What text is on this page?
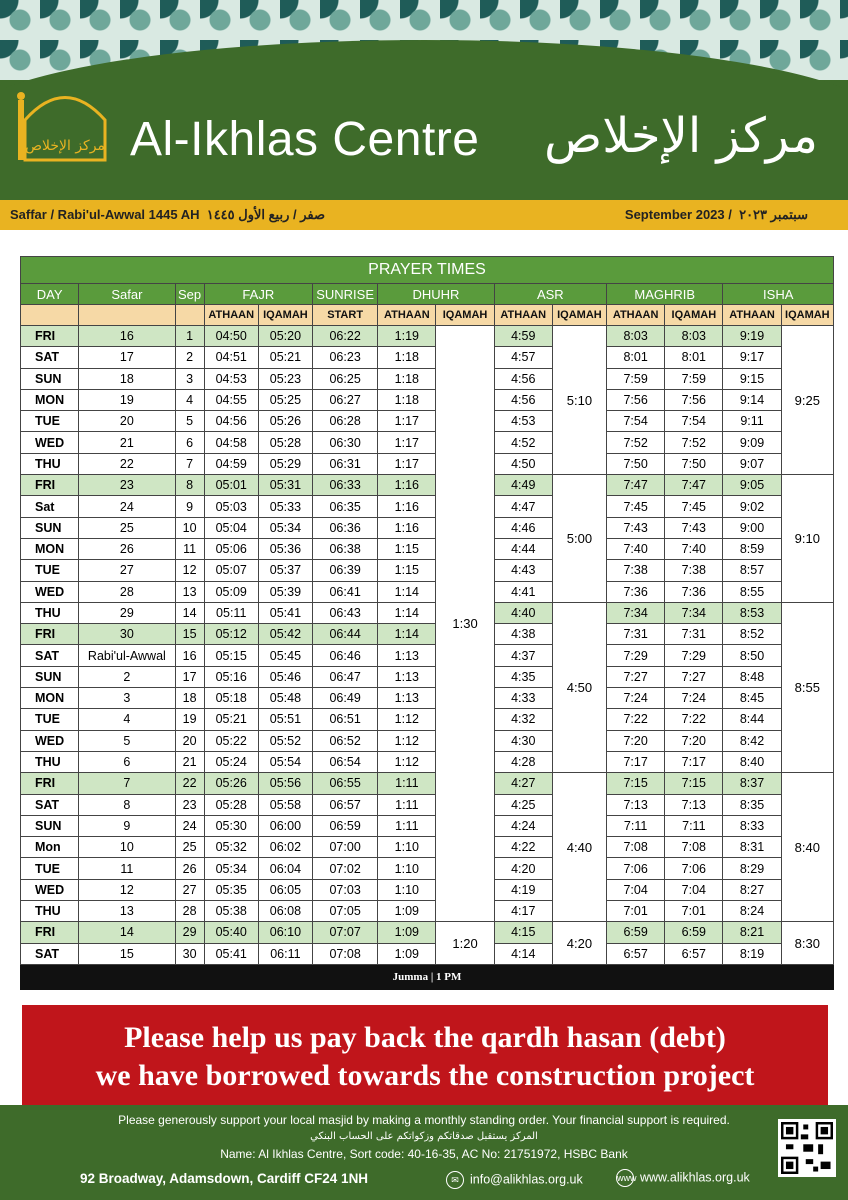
مركز الإخلاص Al-Ikhlas Centre مركز الإخلاص
Saffar / Rabi'ul-Awwal 1445 AH صفر / ربيع الأول ١٤٤٥	September 2023 / سبتمبر ٢٠٢٣
PRAYER TIMES													
DAY	Safar	Sep	FAJR		SUNRISE	DHUHR		ASR		MAGHRIB		ISHA	
			ATHAAN	IQAMAH	START	ATHAAN	IQAMAH	ATHAAN	IQAMAH	ATHAAN	IQAMAH	ATHAAN	IQAMAH
FRI	16	1	04:50	05:20	06:22	1:19	1:30	4:59	5:10	8:03	8:03	9:19	9:25
SAT	17	2	04:51	05:21	06:23	1:18		4:57		8:01	8:01	9:17	
SUN	18	3	04:53	05:23	06:25	1:18		4:56		7:59	7:59	9:15	
MON	19	4	04:55	05:25	06:27	1:18		4:56		7:56	7:56	9:14	
TUE	20	5	04:56	05:26	06:28	1:17		4:53		7:54	7:54	9:11	
WED	21	6	04:58	05:28	06:30	1:17		4:52		7:52	7:52	9:09	
THU	22	7	04:59	05:29	06:31	1:17		4:50		7:50	7:50	9:07	
FRI	23	8	05:01	05:31	06:33	1:16		4:49	5:00	7:47	7:47	9:05	9:10
Sat	24	9	05:03	05:33	06:35	1:16		4:47		7:45	7:45	9:02	
SUN	25	10	05:04	05:34	06:36	1:16		4:46		7:43	7:43	9:00	
MON	26	11	05:06	05:36	06:38	1:15		4:44		7:40	7:40	8:59	
TUE	27	12	05:07	05:37	06:39	1:15		4:43		7:38	7:38	8:57	
WED	28	13	05:09	05:39	06:41	1:14		4:41		7:36	7:36	8:55	
THU	29	14	05:11	05:41	06:43	1:14		4:40	4:50	7:34	7:34	8:53	8:55
FRI	30	15	05:12	05:42	06:44	1:14		4:38		7:31	7:31	8:52	
SAT	Rabi'ul-Awwal	16	05:15	05:45	06:46	1:13		4:37		7:29	7:29	8:50	
SUN	2	17	05:16	05:46	06:47	1:13		4:35		7:27	7:27	8:48	
MON	3	18	05:18	05:48	06:49	1:13		4:33		7:24	7:24	8:45	
TUE	4	19	05:21	05:51	06:51	1:12		4:32		7:22	7:22	8:44	
WED	5	20	05:22	05:52	06:52	1:12		4:30		7:20	7:20	8:42	
THU	6	21	05:24	05:54	06:54	1:12		4:28		7:17	7:17	8:40	
FRI	7	22	05:26	05:56	06:55	1:11		4:27	4:40	7:15	7:15	8:37	8:40
SAT	8	23	05:28	05:58	06:57	1:11		4:25		7:13	7:13	8:35	
SUN	9	24	05:30	06:00	06:59	1:11		4:24		7:11	7:11	8:33	
Mon	10	25	05:32	06:02	07:00	1:10		4:22		7:08	7:08	8:31	
TUE	11	26	05:34	06:04	07:02	1:10		4:20		7:06	7:06	8:29	
WED	12	27	05:35	06:05	07:03	1:10		4:19		7:04	7:04	8:27	
THU	13	28	05:38	06:08	07:05	1:09		4:17		7:01	7:01	8:24	
FRI	14	29	05:40	06:10	07:07	1:09	1:20	4:15	4:20	6:59	6:59	8:21	8:30
SAT	15	30	05:41	06:11	07:08	1:09		4:14		6:57	6:57	8:19	
Jumma | 1 PM													
Please help us pay back the qardh hasan (debt)
we have borrowed towards the construction project
Please generously support your local masjid by making a monthly standing order. Your financial support is required.
المركز يستقبل صدقاتكم وزكواتكم على الحساب البنكي
Name: Al Ikhlas Centre, Sort code: 40-16-35, AC No: 21751972, HSBC Bank
92 Broadway, Adamsdown, Cardiff CF24 1NH	✉ info@alikhlas.org.uk	www www.alikhlas.org.uk
